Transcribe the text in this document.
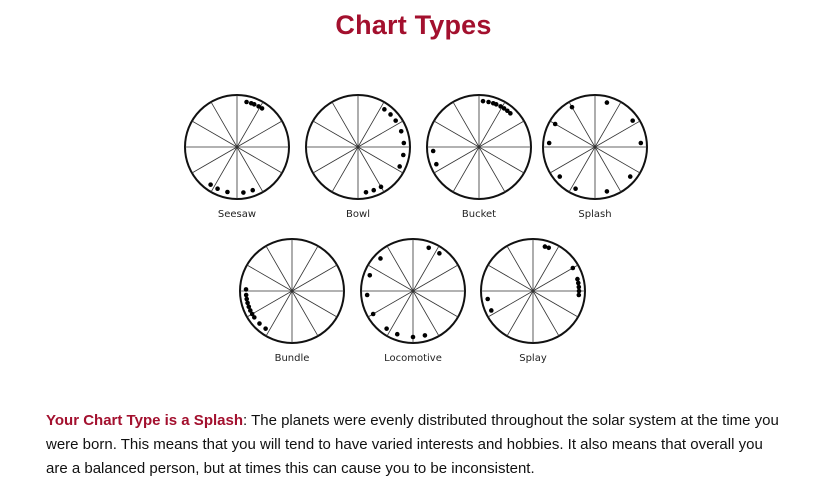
Chart Types
Seesaw	Bowl	Bucket	Splash
Bundle	Locomotive	Splay
Your Chart Type is a Splash: The planets were evenly distributed throughout the solar system at the time you were born. This means that you will tend to have varied interests and hobbies. It also means that overall you are a balanced person, but at times this can cause you to be inconsistent.
